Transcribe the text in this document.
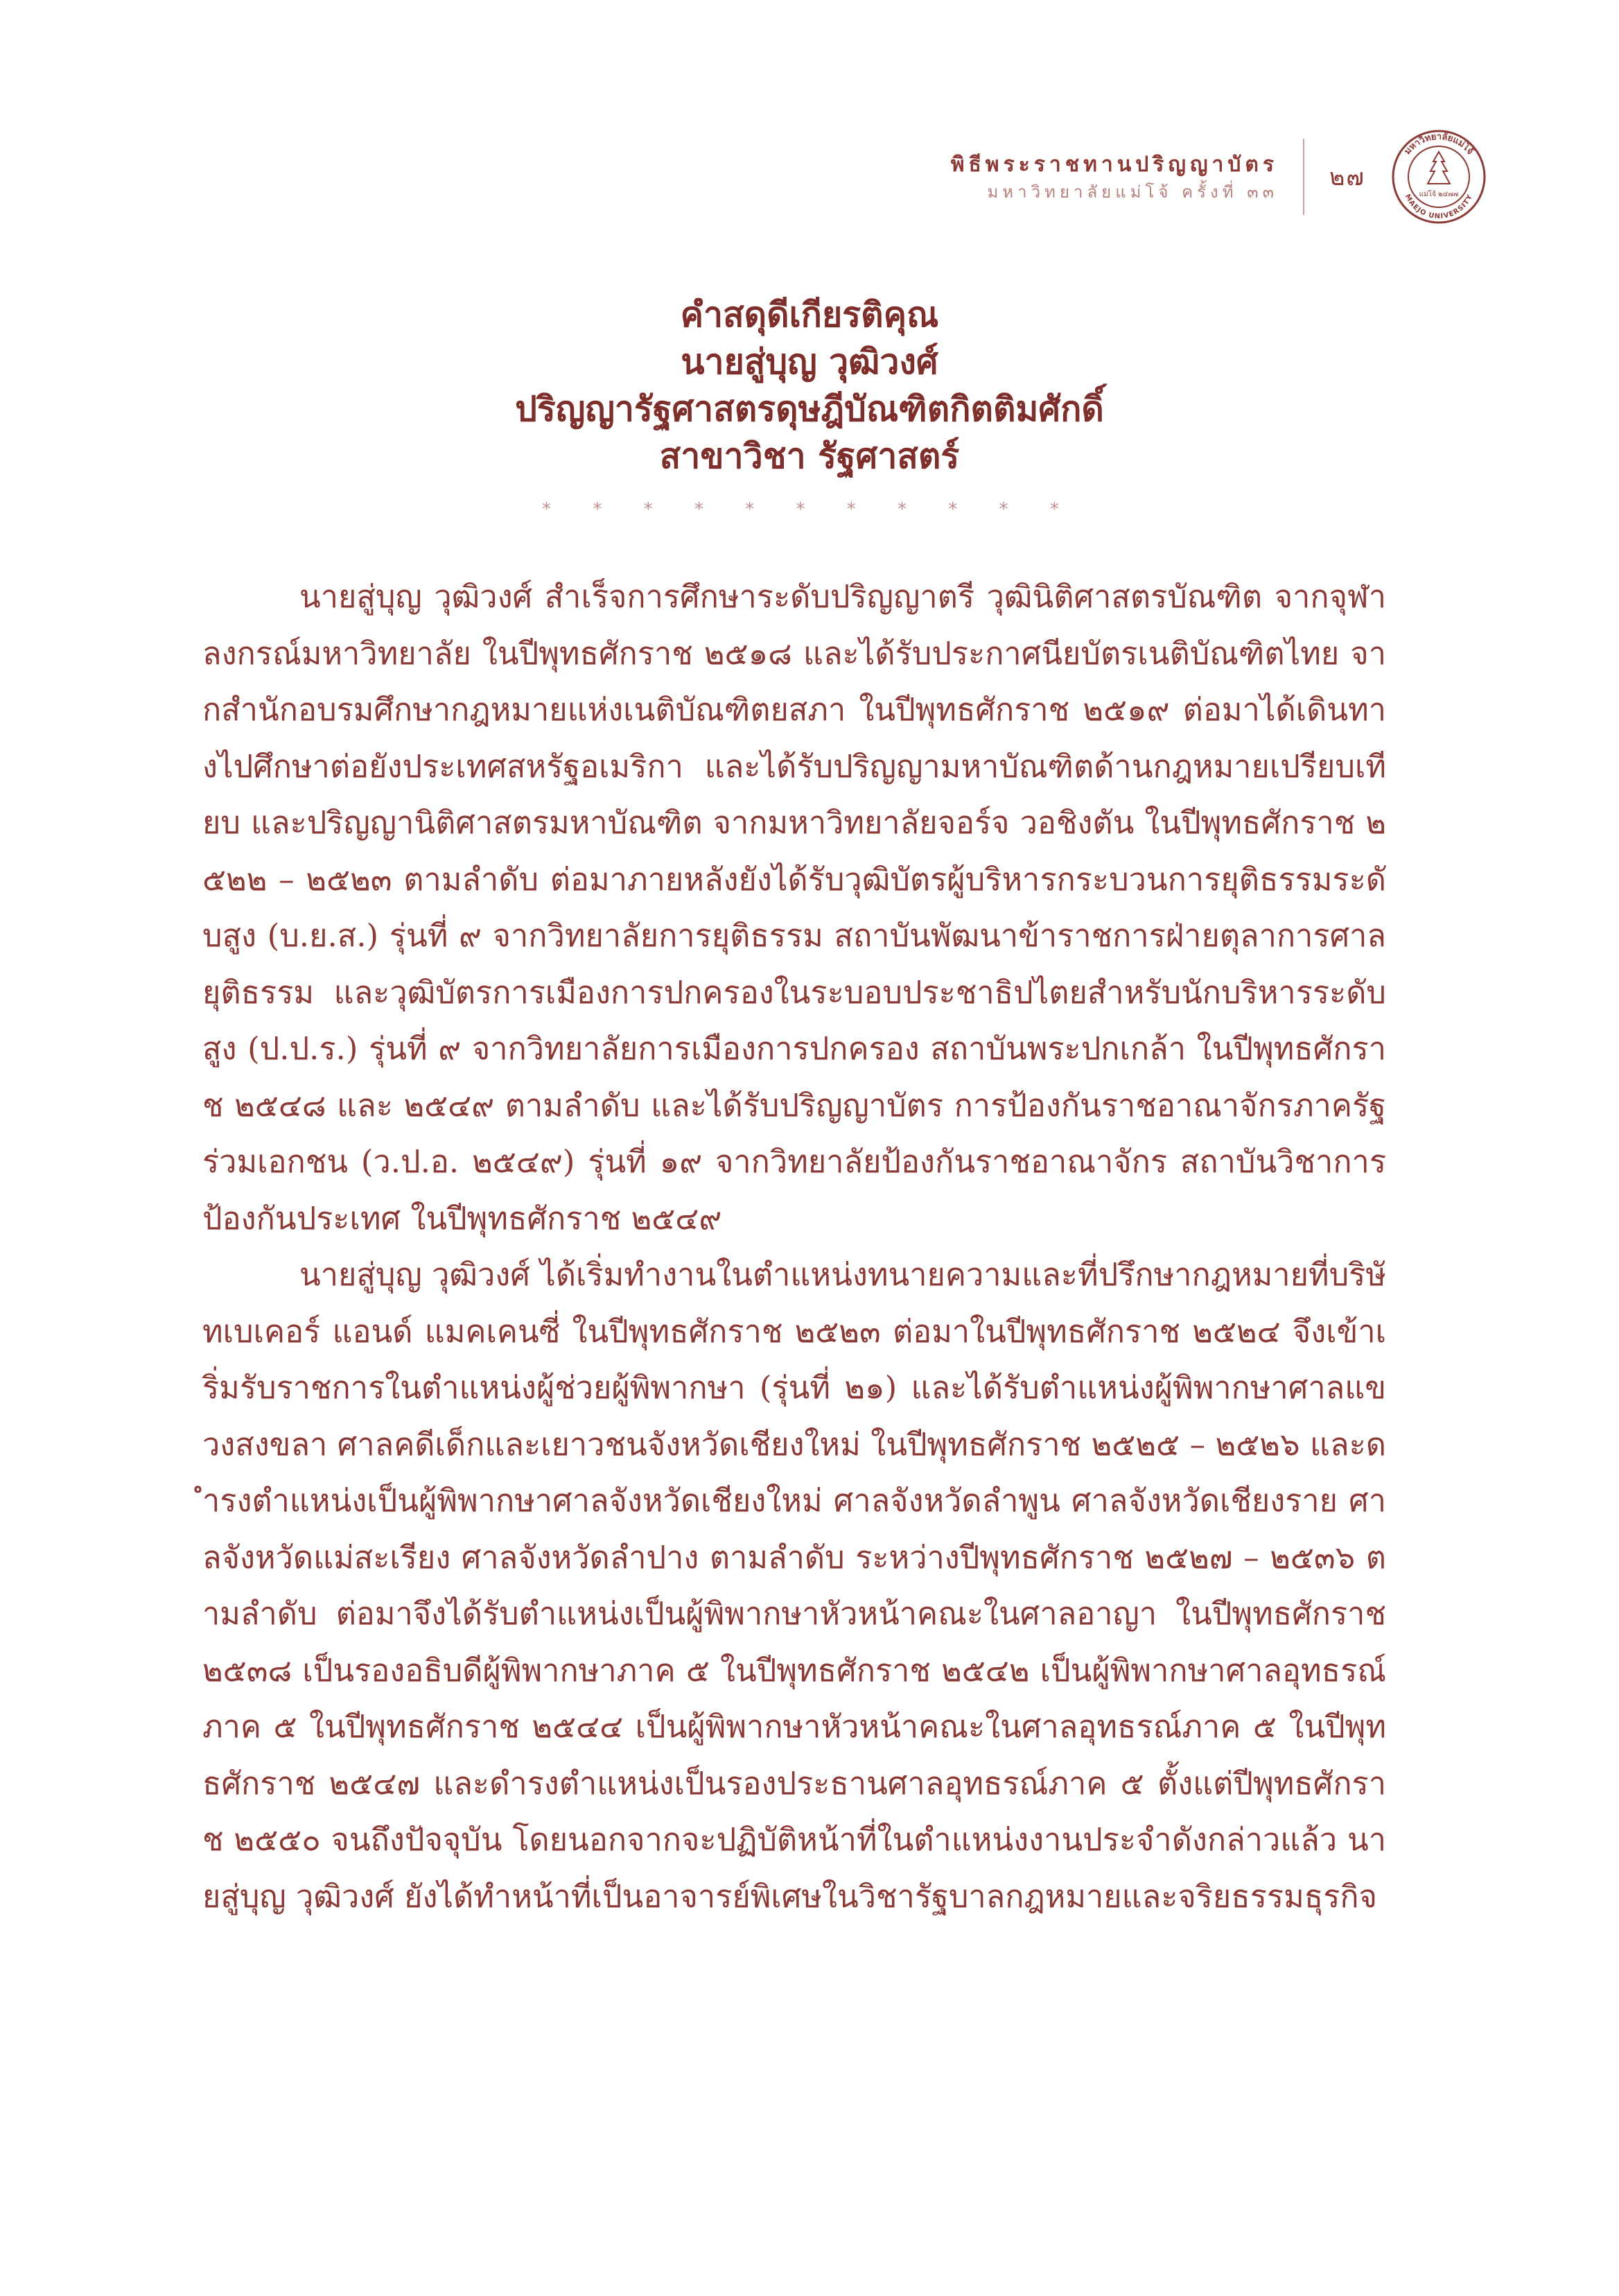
พิธีพระราชทานปริญญาบัตร
มหาวิทยาลัยแม่โจ้ ครั้งที่ ๓๓
๒๗
มหาวิทยาลัยแม่โจ้
MAEJO UNIVERSITY
แม่โจ้ ๒๔๗๗
คำสดุดีเกียรติคุณ
นายสู่บุญ วุฒิวงศ์
ปริญญารัฐศาสตรดุษฎีบัณฑิตกิตติมศักดิ์
สาขาวิชา รัฐศาสตร์
* * * * * * * * * * *

นายสู่บุญ วุฒิวงศ์ สำเร็จการศึกษาระดับปริญญาตรี วุฒินิติศาสตรบัณฑิต จากจุฬาลงกรณ์มหาวิทยาลัย ในปีพุทธศักราช ๒๕๑๘ และได้รับประกาศนียบัตรเนติบัณฑิตไทย จากสำนักอบรมศึกษากฎหมายแห่งเนติบัณฑิตยสภา ในปีพุทธศักราช ๒๕๑๙ ต่อมาได้เดินทางไปศึกษาต่อยังประเทศสหรัฐอเมริกา และได้รับปริญญามหาบัณฑิตด้านกฎหมายเปรียบเทียบ และปริญญานิติศาสตรมหาบัณฑิต จากมหาวิทยาลัยจอร์จ วอชิงตัน ในปีพุทธศักราช ๒๕๒๒ – ๒๕๒๓ ตามลำดับ ต่อมาภายหลังยังได้รับวุฒิบัตรผู้บริหารกระบวนการยุติธรรมระดับสูง (บ.ย.ส.) รุ่นที่ ๙ จากวิทยาลัยการยุติธรรม สถาบันพัฒนาข้าราชการฝ่ายตุลาการศาลยุติธรรม และวุฒิบัตรการเมืองการปกครองในระบอบประชาธิปไตยสำหรับนักบริหารระดับสูง (ป.ป.ร.) รุ่นที่ ๙ จากวิทยาลัยการเมืองการปกครอง สถาบันพระปกเกล้า ในปีพุทธศักราช ๒๕๔๘ และ ๒๕๔๙ ตามลำดับ และได้รับปริญญาบัตร การป้องกันราชอาณาจักรภาครัฐร่วมเอกชน (ว.ป.อ. ๒๕๔๙) รุ่นที่ ๑๙ จากวิทยาลัยป้องกันราชอาณาจักร สถาบันวิชาการป้องกันประเทศ ในปีพุทธศักราช ๒๕๔๙

นายสู่บุญ วุฒิวงศ์ ได้เริ่มทำงานในตำแหน่งทนายความและที่ปรึกษากฎหมายที่บริษัทเบเคอร์ แอนด์ แมคเคนซี่ ในปีพุทธศักราช ๒๕๒๓ ต่อมาในปีพุทธศักราช ๒๕๒๔ จึงเข้าเริ่มรับราชการในตำแหน่งผู้ช่วยผู้พิพากษา (รุ่นที่ ๒๑) และได้รับตำแหน่งผู้พิพากษาศาลแขวงสงขลา ศาลคดีเด็กและเยาวชนจังหวัดเชียงใหม่ ในปีพุทธศักราช ๒๕๒๕ – ๒๕๒๖ และดำรงตำแหน่งเป็นผู้พิพากษาศาลจังหวัดเชียงใหม่ ศาลจังหวัดลำพูน ศาลจังหวัดเชียงราย ศาลจังหวัดแม่สะเรียง ศาลจังหวัดลำปาง ตามลำดับ ระหว่างปีพุทธศักราช ๒๕๒๗ – ๒๕๓๖ ตามลำดับ ต่อมาจึงได้รับตำแหน่งเป็นผู้พิพากษาหัวหน้าคณะในศาลอาญา ในปีพุทธศักราช ๒๕๓๘ เป็นรองอธิบดีผู้พิพากษาภาค ๕ ในปีพุทธศักราช ๒๕๔๒ เป็นผู้พิพากษาศาลอุทธรณ์ภาค ๕ ในปีพุทธศักราช ๒๕๔๔ เป็นผู้พิพากษาหัวหน้าคณะในศาลอุทธรณ์ภาค ๕ ในปีพุทธศักราช ๒๕๔๗ และดำรงตำแหน่งเป็นรองประธานศาลอุทธรณ์ภาค ๕ ตั้งแต่ปีพุทธศักราช ๒๕๕๐ จนถึงปัจจุบัน โดยนอกจากจะปฏิบัติหน้าที่ในตำแหน่งงานประจำดังกล่าวแล้ว นายสู่บุญ วุฒิวงศ์ ยังได้ทำหน้าที่เป็นอาจารย์พิเศษในวิชารัฐบาลกฎหมายและจริยธรรมธุรกิจ
